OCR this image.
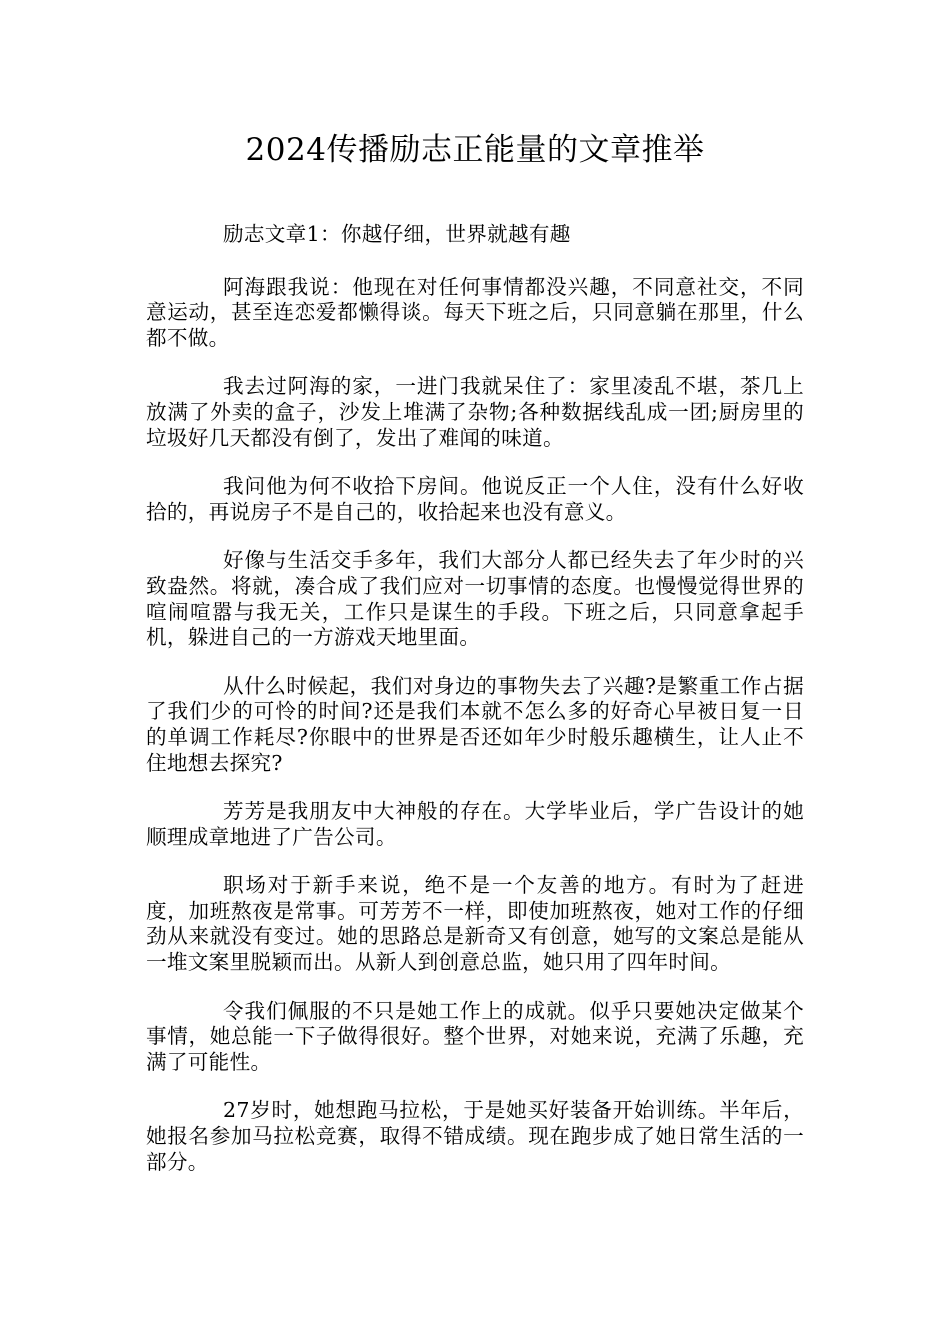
2024传播励志正能量的文章推举

励志文章1：你越仔细，世界就越有趣

阿海跟我说：他现在对任何事情都没兴趣，不同意社交，不同意运动，甚至连恋爱都懒得谈。每天下班之后，只同意躺在那里，什么都不做。

我去过阿海的家，一进门我就呆住了：家里凌乱不堪，茶几上放满了外卖的盒子，沙发上堆满了杂物;各种数据线乱成一团;厨房里的垃圾好几天都没有倒了，发出了难闻的味道。

我问他为何不收拾下房间。他说反正一个人住，没有什么好收拾的，再说房子不是自己的，收拾起来也没有意义。

好像与生活交手多年，我们大部分人都已经失去了年少时的兴致盎然。将就，凑合成了我们应对一切事情的态度。也慢慢觉得世界的喧闹喧嚣与我无关，工作只是谋生的手段。下班之后，只同意拿起手机，躲进自己的一方游戏天地里面。

从什么时候起，我们对身边的事物失去了兴趣?是繁重工作占据了我们少的可怜的时间?还是我们本就不怎么多的好奇心早被日复一日的单调工作耗尽?你眼中的世界是否还如年少时般乐趣横生，让人止不住地想去探究?

芳芳是我朋友中大神般的存在。大学毕业后，学广告设计的她顺理成章地进了广告公司。

职场对于新手来说，绝不是一个友善的地方。有时为了赶进度，加班熬夜是常事。可芳芳不一样，即使加班熬夜，她对工作的仔细劲从来就没有变过。她的思路总是新奇又有创意，她写的文案总是能从一堆文案里脱颖而出。从新人到创意总监，她只用了四年时间。

令我们佩服的不只是她工作上的成就。似乎只要她决定做某个事情，她总能一下子做得很好。整个世界，对她来说，充满了乐趣，充满了可能性。

27岁时，她想跑马拉松，于是她买好装备开始训练。半年后，她报名参加马拉松竞赛，取得不错成绩。现在跑步成了她日常生活的一部分。
